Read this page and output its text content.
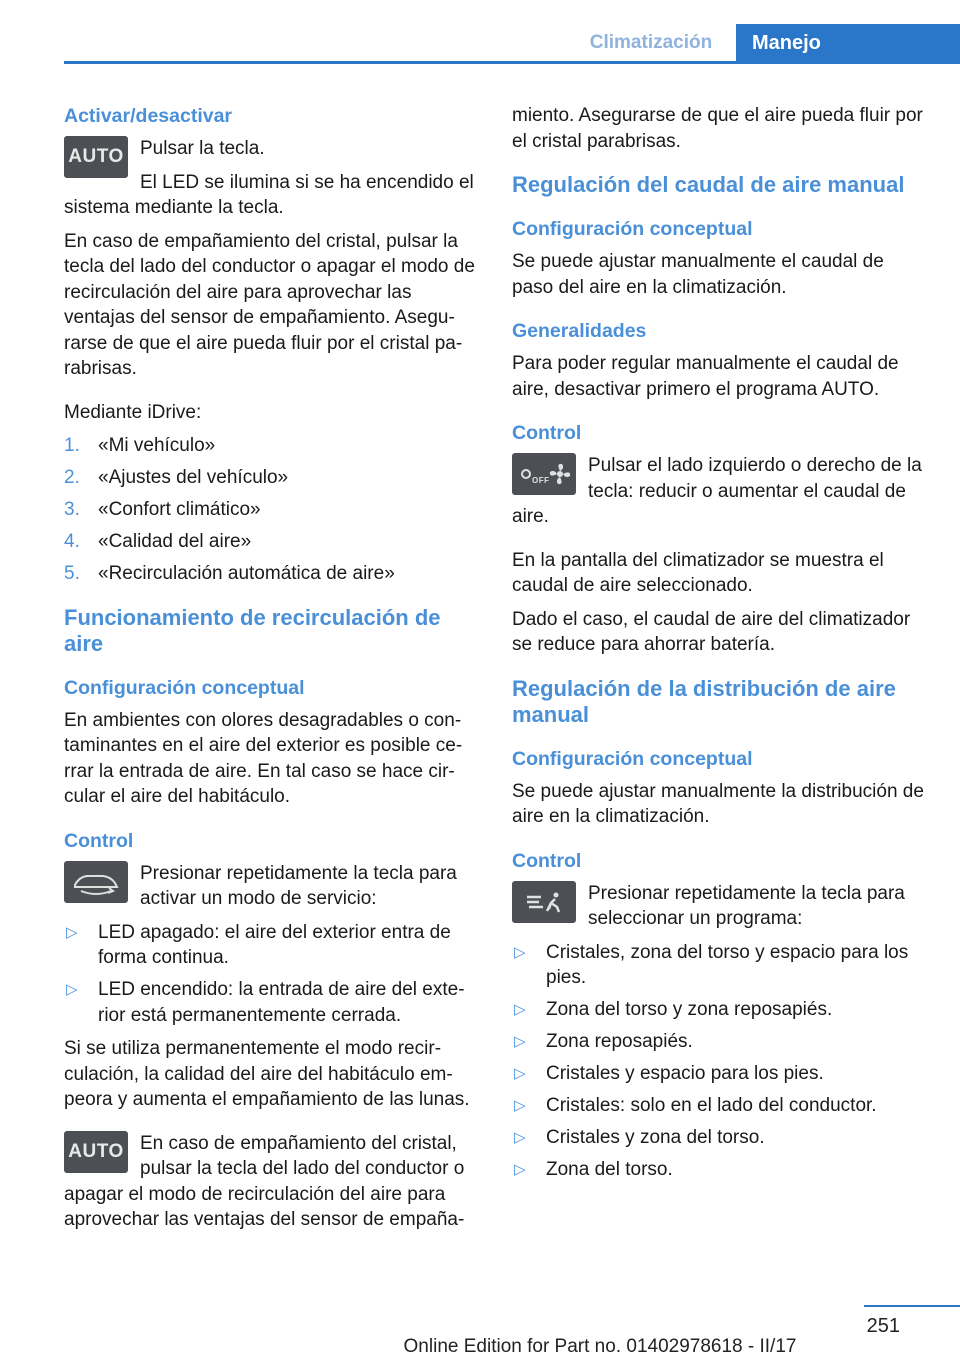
Climatización	Manejo
Activar/desactivar
AUTO Pulsar la tecla.

El LED se ilumina si se ha encendido el sistema mediante la tecla.

En caso de empañamiento del cristal, pulsar la tecla del lado del conductor o apagar el modo de recirculación del aire para aprovechar las ventajas del sensor de empañamiento. Asegurarse de que el aire pueda fluir por el cristal parabrisas.

Mediante iDrive:

1. «Mi vehículo»
2. «Ajustes del vehículo»
3. «Confort climático»
4. «Calidad del aire»
5. «Recirculación automática de aire»
Funcionamiento de recirculación de aire
Configuración conceptual

En ambientes con olores desagradables o contaminantes en el aire del exterior es posible cerrar la entrada de aire. En tal caso se hace circular el aire del habitáculo.

Control

Presionar repetidamente la tecla para activar un modo de servicio:

▷ LED apagado: el aire del exterior entra de forma continua.
▷ LED encendido: la entrada de aire del exterior está permanentemente cerrada.

Si se utiliza permanentemente el modo recirculación, la calidad del aire del habitáculo empeora y aumenta el empañamiento de las lunas.

AUTO En caso de empañamiento del cristal, pulsar la tecla del lado del conductor o apagar el modo de recirculación del aire para aprovechar las ventajas del sensor de empaña-

miento. Asegurarse de que el aire pueda fluir por el cristal parabrisas.

Regulación del caudal de aire manual
Configuración conceptual

Se puede ajustar manualmente el caudal de paso del aire en la climatización.

Generalidades

Para poder regular manualmente el caudal de aire, desactivar primero el programa AUTO.

Control
OFF

Pulsar el lado izquierdo o derecho de la tecla: reducir o aumentar el caudal de aire.

En la pantalla del climatizador se muestra el caudal de aire seleccionado.

Dado el caso, el caudal de aire del climatizador se reduce para ahorrar batería.

Regulación de la distribución de aire manual
Configuración conceptual

Se puede ajustar manualmente la distribución de aire en la climatización.

Control

Presionar repetidamente la tecla para seleccionar un programa:

▷ Cristales, zona del torso y espacio para los pies.
▷ Zona del torso y zona reposapiés.
▷ Zona reposapiés.
▷ Cristales y espacio para los pies.
▷ Cristales: solo en el lado del conductor.
▷ Cristales y zona del torso.
▷ Zona del torso.
251
Online Edition for Part no. 01402978618 - II/17
